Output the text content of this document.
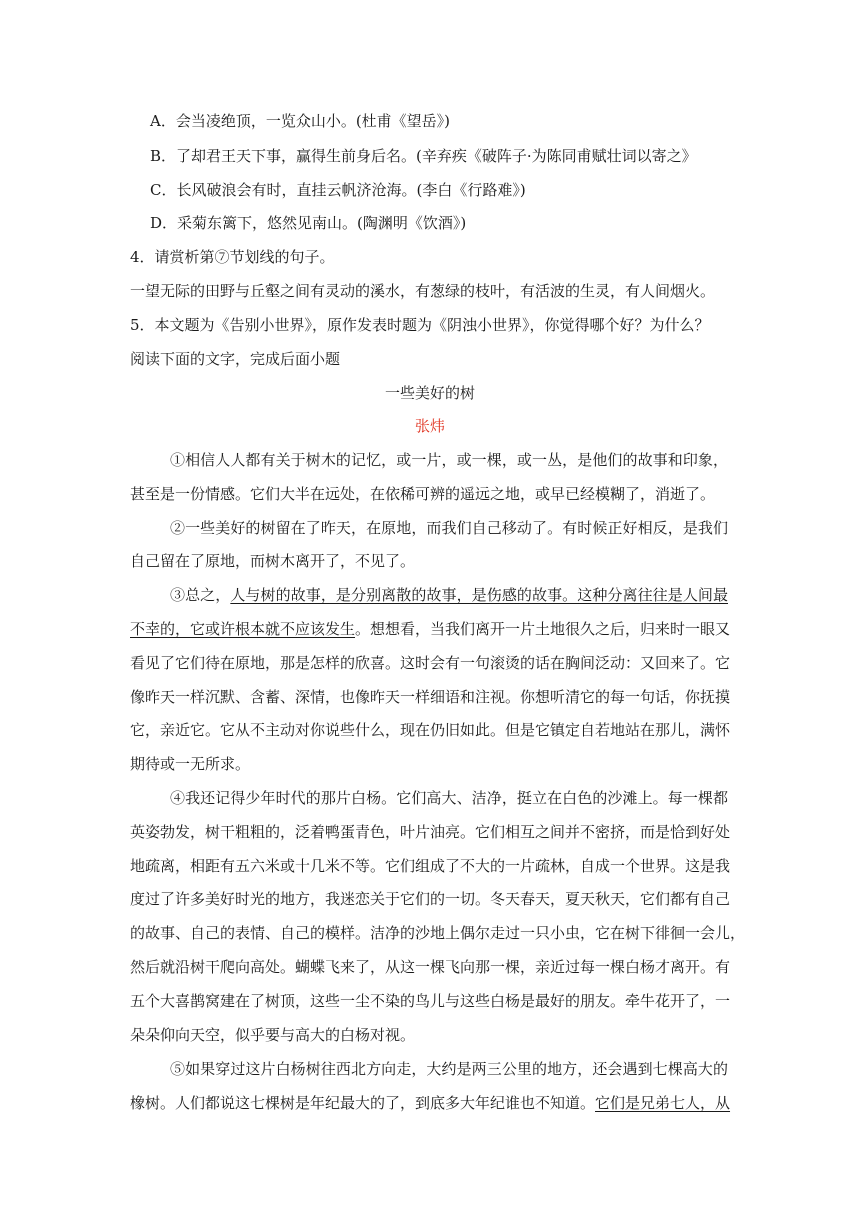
A．会当凌绝顶，一览众山小。(杜甫《望岳》)
B．了却君王天下事，赢得生前身后名。(辛弃疾《破阵子·为陈同甫赋壮词以寄之》
C．长风破浪会有时，直挂云帆济沧海。(李白《行路难》)
D．采菊东篱下，悠然见南山。(陶渊明《饮酒》)
4．请赏析第⑦节划线的句子。
一望无际的田野与丘壑之间有灵动的溪水，有葱绿的枝叶，有活波的生灵，有人间烟火。
5．本文题为《告别小世界》，原作发表时题为《阴浊小世界》，你觉得哪个好？为什么？
阅读下面的文字，完成后面小题
一些美好的树
张炜
①相信人人都有关于树木的记忆，或一片，或一棵，或一丛，是他们的故事和印象，
甚至是一份情感。它们大半在远处，在依稀可辨的遥远之地，或早已经模糊了，消逝了。
②一些美好的树留在了昨天，在原地，而我们自己移动了。有时候正好相反，是我们
自己留在了原地，而树木离开了，不见了。
③总之，人与树的故事，是分别离散的故事，是伤感的故事。这种分离往往是人间最
不幸的，它或许根本就不应该发生。想想看，当我们离开一片土地很久之后，归来时一眼又
看见了它们待在原地，那是怎样的欣喜。这时会有一句滚烫的话在胸间泛动：又回来了。它
像昨天一样沉默、含蓄、深情，也像昨天一样细语和注视。你想听清它的每一句话，你抚摸
它，亲近它。它从不主动对你说些什么，现在仍旧如此。但是它镇定自若地站在那儿，满怀
期待或一无所求。
④我还记得少年时代的那片白杨。它们高大、洁净，挺立在白色的沙滩上。每一棵都
英姿勃发，树干粗粗的，泛着鸭蛋青色，叶片油亮。它们相互之间并不密挤，而是恰到好处
地疏离，相距有五六米或十几米不等。它们组成了不大的一片疏林，自成一个世界。这是我
度过了许多美好时光的地方，我迷恋关于它们的一切。冬天春天，夏天秋天，它们都有自己
的故事、自己的表情、自己的模样。洁净的沙地上偶尔走过一只小虫，它在树下徘徊一会儿，
然后就沿树干爬向高处。蝴蝶飞来了，从这一棵飞向那一棵，亲近过每一棵白杨才离开。有
五个大喜鹊窝建在了树顶，这些一尘不染的鸟儿与这些白杨是最好的朋友。牵牛花开了，一
朵朵仰向天空，似乎要与高大的白杨对视。
⑤如果穿过这片白杨树往西北方向走，大约是两三公里的地方，还会遇到七棵高大的
橡树。人们都说这七棵树是年纪最大的了，到底多大年纪谁也不知道。它们是兄弟七人，从
